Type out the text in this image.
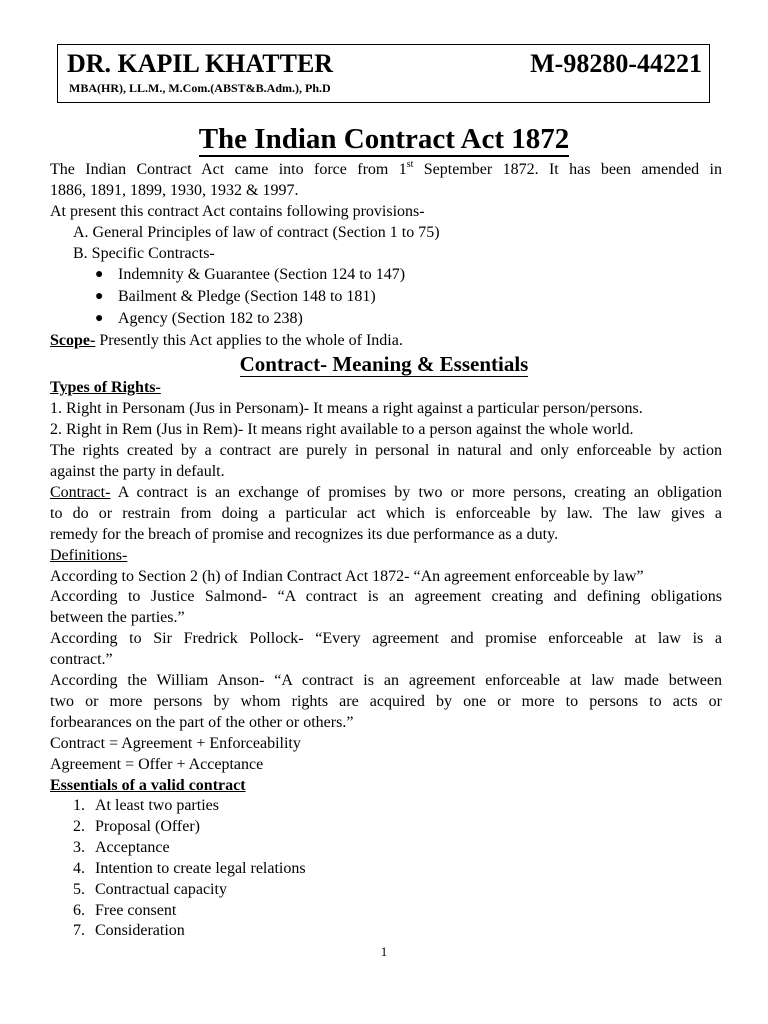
DR. KAPIL KHATTER	M-98280-44221
MBA(HR), LL.M., M.Com.(ABST&B.Adm.), Ph.D
The Indian Contract Act 1872
The Indian Contract Act came into force from 1st September 1872. It has been amended in
1886, 1891, 1899, 1930, 1932 & 1997.
At present this contract Act contains following provisions-
A. General Principles of law of contract (Section 1 to 75)
B. Specific Contracts-
● Indemnity & Guarantee (Section 124 to 147)
● Bailment & Pledge (Section 148 to 181)
● Agency (Section 182 to 238)
Scope- Presently this Act applies to the whole of India.
Contract- Meaning & Essentials
Types of Rights-
1. Right in Personam (Jus in Personam)- It means a right against a particular person/persons.
2. Right in Rem (Jus in Rem)- It means right available to a person against the whole world.
The rights created by a contract are purely in personal in natural and only enforceable by action
against the party in default.
Contract- A contract is an exchange of promises by two or more persons, creating an obligation
to do or restrain from doing a particular act which is enforceable by law. The law gives a
remedy for the breach of promise and recognizes its due performance as a duty.
Definitions-
According to Section 2 (h) of Indian Contract Act 1872- “An agreement enforceable by law”
According to Justice Salmond- “A contract is an agreement creating and defining obligations
between the parties.”
According to Sir Fredrick Pollock- “Every agreement and promise enforceable at law is a
contract.”
According the William Anson- “A contract is an agreement enforceable at law made between
two or more persons by whom rights are acquired by one or more to persons to acts or
forbearances on the part of the other or others.”
Contract = Agreement + Enforceability
Agreement = Offer + Acceptance
Essentials of a valid contract
1. At least two parties
2. Proposal (Offer)
3. Acceptance
4. Intention to create legal relations
5. Contractual capacity
6. Free consent
7. Consideration
1
